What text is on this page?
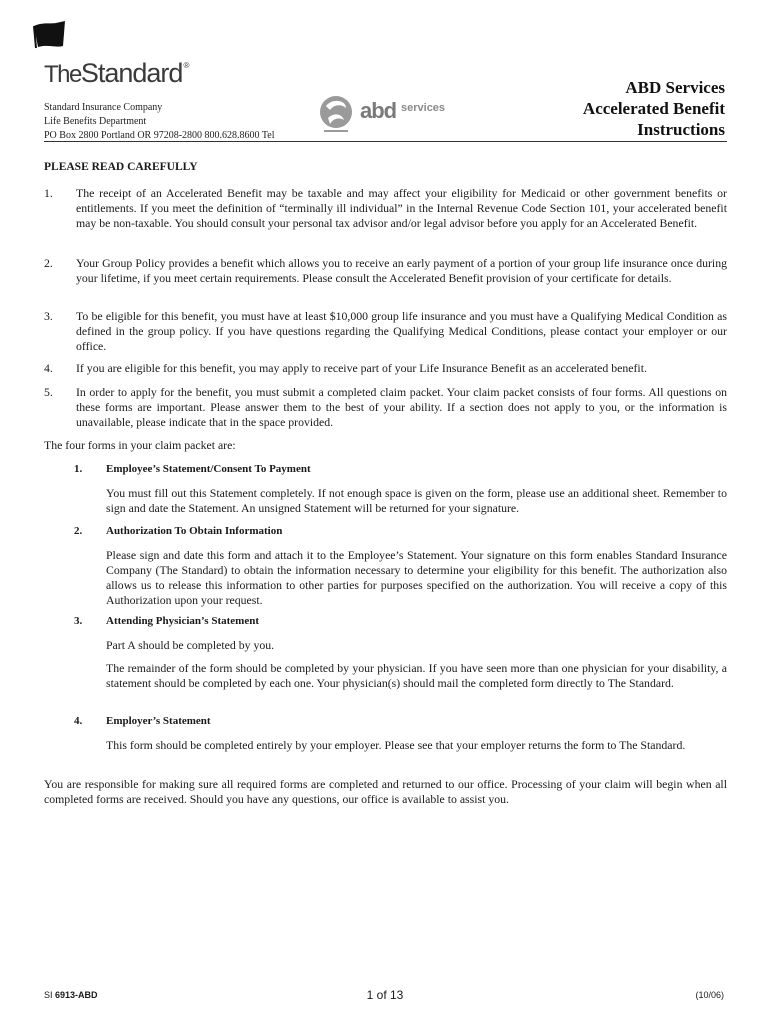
TheStandard®
Standard Insurance Company
Life Benefits Department
PO Box 2800 Portland OR 97208-2800 800.628.8600 Tel
abd services
ABD Services
Accelerated Benefit
Instructions
PLEASE READ CAREFULLY
1. The receipt of an Accelerated Benefit may be taxable and may affect your eligibility for Medicaid or other government benefits or entitlements. If you meet the definition of “terminally ill individual” in the Internal Revenue Code Section 101, your accelerated benefit may be non-taxable. You should consult your personal tax advisor and/or legal advisor before you apply for an Accelerated Benefit.
2. Your Group Policy provides a benefit which allows you to receive an early payment of a portion of your group life insurance once during your lifetime, if you meet certain requirements. Please consult the Accelerated Benefit provision of your certificate for details.
3. To be eligible for this benefit, you must have at least $10,000 group life insurance and you must have a Qualifying Medical Condition as defined in the group policy. If you have questions regarding the Qualifying Medical Conditions, please contact your employer or our office.
4. If you are eligible for this benefit, you may apply to receive part of your Life Insurance Benefit as an accelerated benefit.
5. In order to apply for the benefit, you must submit a completed claim packet. Your claim packet consists of four forms. All questions on these forms are important. Please answer them to the best of your ability. If a section does not apply to you, or the information is unavailable, please indicate that in the space provided.
The four forms in your claim packet are:
1. Employee’s Statement/Consent To Payment
You must fill out this Statement completely. If not enough space is given on the form, please use an additional sheet. Remember to sign and date the Statement. An unsigned Statement will be returned for your signature.
2. Authorization To Obtain Information
Please sign and date this form and attach it to the Employee’s Statement. Your signature on this form enables Standard Insurance Company (The Standard) to obtain the information necessary to determine your eligibility for this benefit. The authorization also allows us to release this information to other parties for purposes specified on the authorization. You will receive a copy of this Authorization upon your request.
3. Attending Physician’s Statement
Part A should be completed by you.
The remainder of the form should be completed by your physician. If you have seen more than one physician for your disability, a statement should be completed by each one. Your physician(s) should mail the completed form directly to The Standard.
4. Employer’s Statement
This form should be completed entirely by your employer. Please see that your employer returns the form to The Standard.
You are responsible for making sure all required forms are completed and returned to our office. Processing of your claim will begin when all completed forms are received. Should you have any questions, our office is available to assist you.
SI 6913-ABD	1 of 13	(10/06)
